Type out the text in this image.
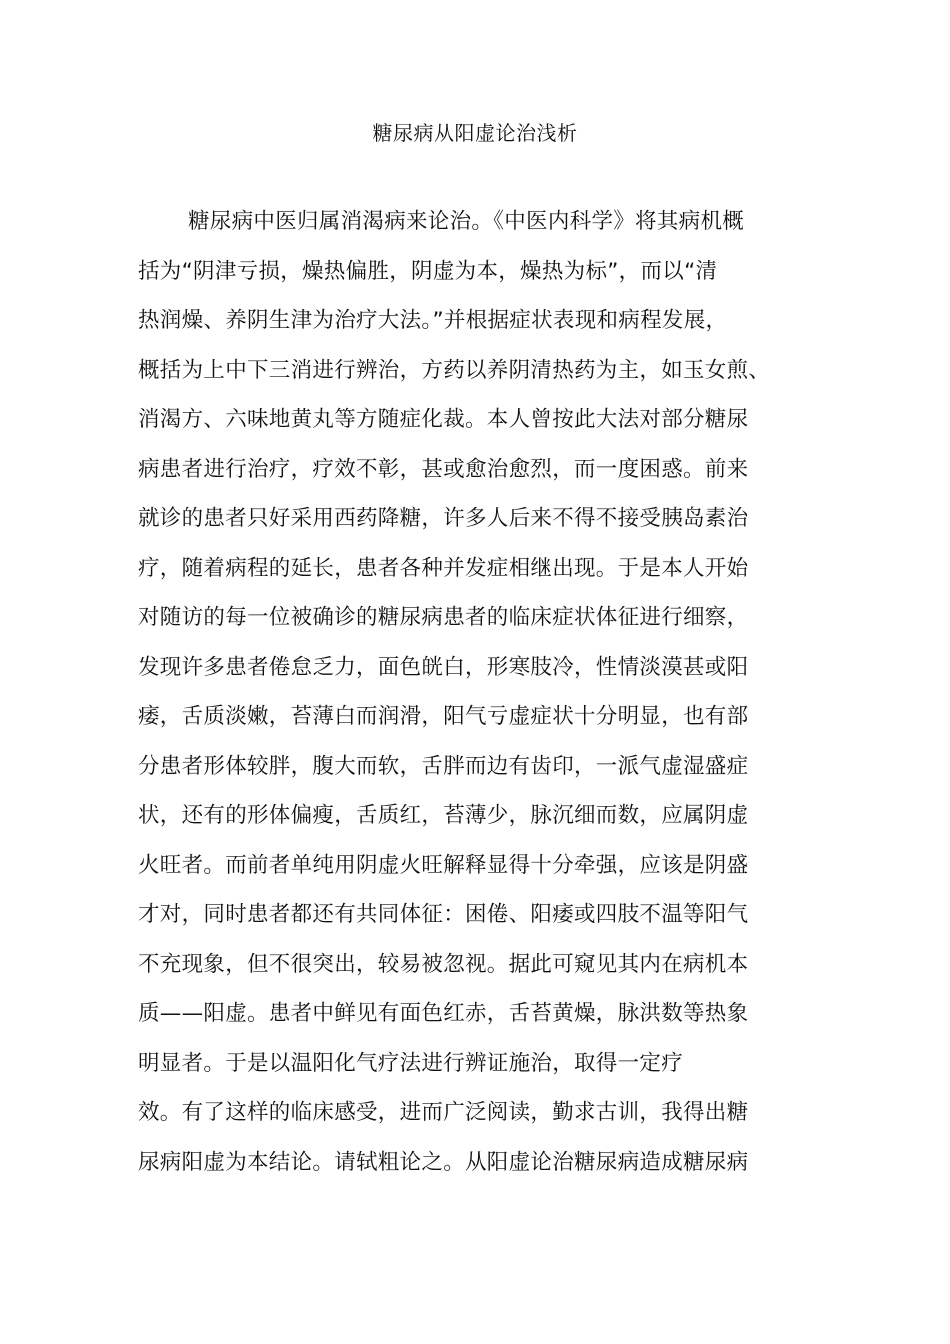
糖尿病从阳虚论治浅析
糖尿病中医归属消渴病来论治。《中医内科学》将其病机概
括为“阴津亏损，燥热偏胜，阴虚为本，燥热为标”，而以“清
热润燥、养阴生津为治疗大法。”并根据症状表现和病程发展，
概括为上中下三消进行辨治，方药以养阴清热药为主，如玉女煎、
消渴方、六味地黄丸等方随症化裁。本人曾按此大法对部分糖尿
病患者进行治疗，疗效不彰，甚或愈治愈烈，而一度困惑。前来
就诊的患者只好采用西药降糖，许多人后来不得不接受胰岛素治
疗，随着病程的延长，患者各种并发症相继出现。于是本人开始
对随访的每一位被确诊的糖尿病患者的临床症状体征进行细察，
发现许多患者倦怠乏力，面色㿠白，形寒肢冷，性情淡漠甚或阳
痿，舌质淡嫩，苔薄白而润滑，阳气亏虚症状十分明显，也有部
分患者形体较胖，腹大而软，舌胖而边有齿印，一派气虚湿盛症
状，还有的形体偏瘦，舌质红，苔薄少，脉沉细而数，应属阴虚
火旺者。而前者单纯用阴虚火旺解释显得十分牵强，应该是阴盛
才对，同时患者都还有共同体征：困倦、阳痿或四肢不温等阳气
不充现象，但不很突出，较易被忽视。据此可窥见其内在病机本
质——阳虚。患者中鲜见有面色红赤，舌苔黄燥，脉洪数等热象
明显者。于是以温阳化气疗法进行辨证施治，取得一定疗
效。有了这样的临床感受，进而广泛阅读，勤求古训，我得出糖
尿病阳虚为本结论。请轼粗论之。从阳虚论治糖尿病造成糖尿病
